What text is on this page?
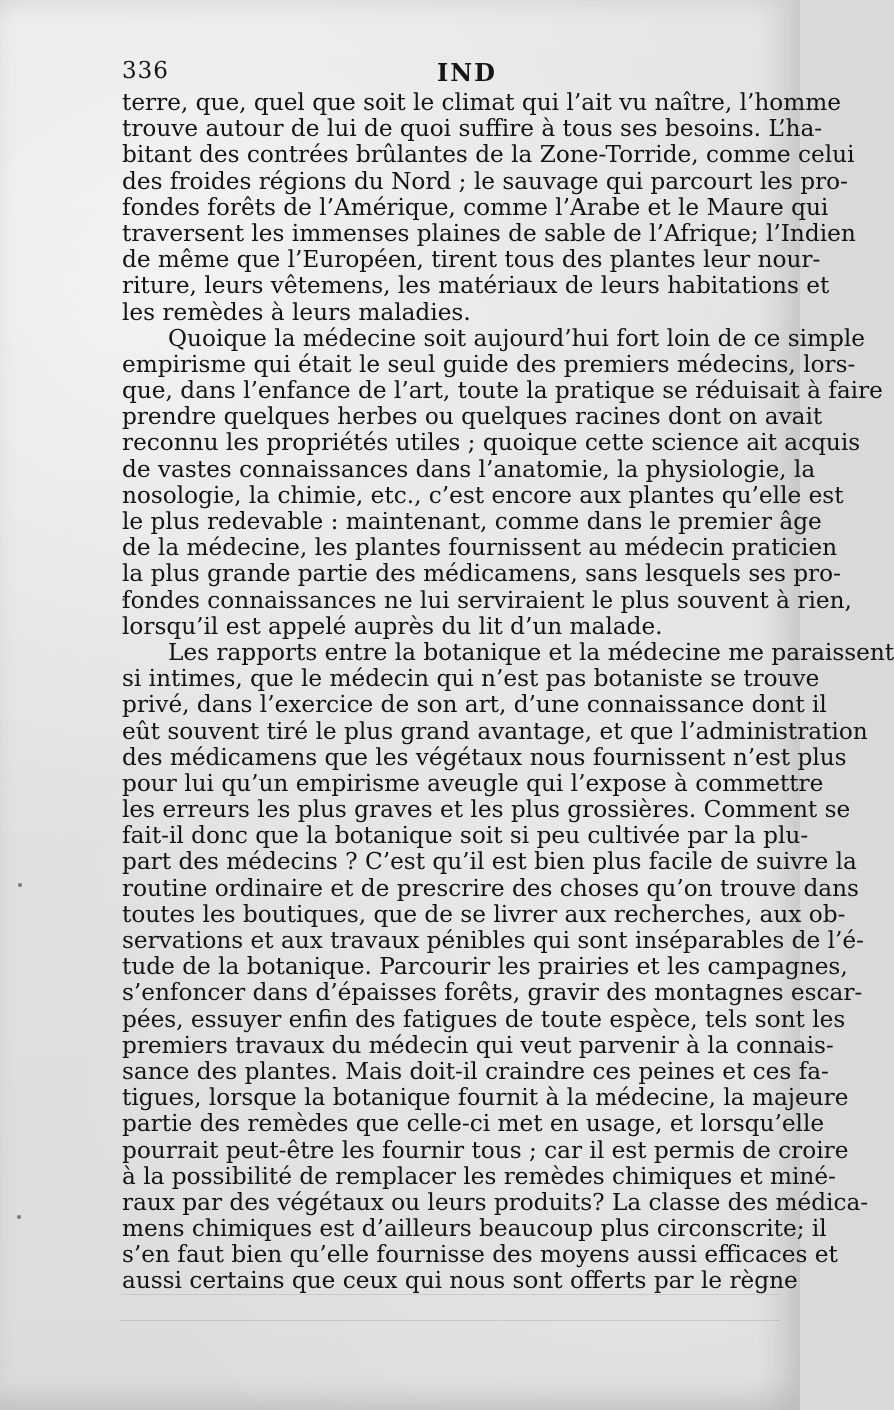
336	IND

terre, que, quel que soit le climat qui l’ait vu naître, l’homme
trouve autour de lui de quoi suffire à tous ses besoins. L’ha-
bitant des contrées brûlantes de la Zone-Torride, comme celui
des froides régions du Nord ; le sauvage qui parcourt les pro-
fondes forêts de l’Amérique, comme l’Arabe et le Maure qui
traversent les immenses plaines de sable de l’Afrique; l’Indien
de même que l’Européen, tirent tous des plantes leur nour-
riture, leurs vêtemens, les matériaux de leurs habitations et
les remèdes à leurs maladies.

Quoique la médecine soit aujourd’hui fort loin de ce simple
empirisme qui était le seul guide des premiers médecins, lors-
que, dans l’enfance de l’art, toute la pratique se réduisait à faire
prendre quelques herbes ou quelques racines dont on avait
reconnu les propriétés utiles ; quoique cette science ait acquis
de vastes connaissances dans l’anatomie, la physiologie, la
nosologie, la chimie, etc., c’est encore aux plantes qu’elle est
le plus redevable : maintenant, comme dans le premier âge
de la médecine, les plantes fournissent au médecin praticien
la plus grande partie des médicamens, sans lesquels ses pro-
fondes connaissances ne lui serviraient le plus souvent à rien,
lorsqu’il est appelé auprès du lit d’un malade.

Les rapports entre la botanique et la médecine me paraissent
si intimes, que le médecin qui n’est pas botaniste se trouve
privé, dans l’exercice de son art, d’une connaissance dont il
eût souvent tiré le plus grand avantage, et que l’administration
des médicamens que les végétaux nous fournissent n’est plus
pour lui qu’un empirisme aveugle qui l’expose à commettre
les erreurs les plus graves et les plus grossières. Comment se
fait-il donc que la botanique soit si peu cultivée par la plu-
part des médecins ? C’est qu’il est bien plus facile de suivre la
routine ordinaire et de prescrire des choses qu’on trouve dans
toutes les boutiques, que de se livrer aux recherches, aux ob-
servations et aux travaux pénibles qui sont inséparables de l’é-
tude de la botanique. Parcourir les prairies et les campagnes,
s’enfoncer dans d’épaisses forêts, gravir des montagnes escar-
pées, essuyer enfin des fatigues de toute espèce, tels sont les
premiers travaux du médecin qui veut parvenir à la connais-
sance des plantes. Mais doit-il craindre ces peines et ces fa-
tigues, lorsque la botanique fournit à la médecine, la majeure
partie des remèdes que celle-ci met en usage, et lorsqu’elle
pourrait peut-être les fournir tous ; car il est permis de croire
à la possibilité de remplacer les remèdes chimiques et miné-
raux par des végétaux ou leurs produits? La classe des médica-
mens chimiques est d’ailleurs beaucoup plus circonscrite; il
s’en faut bien qu’elle fournisse des moyens aussi efficaces et
aussi certains que ceux qui nous sont offerts par le règne
